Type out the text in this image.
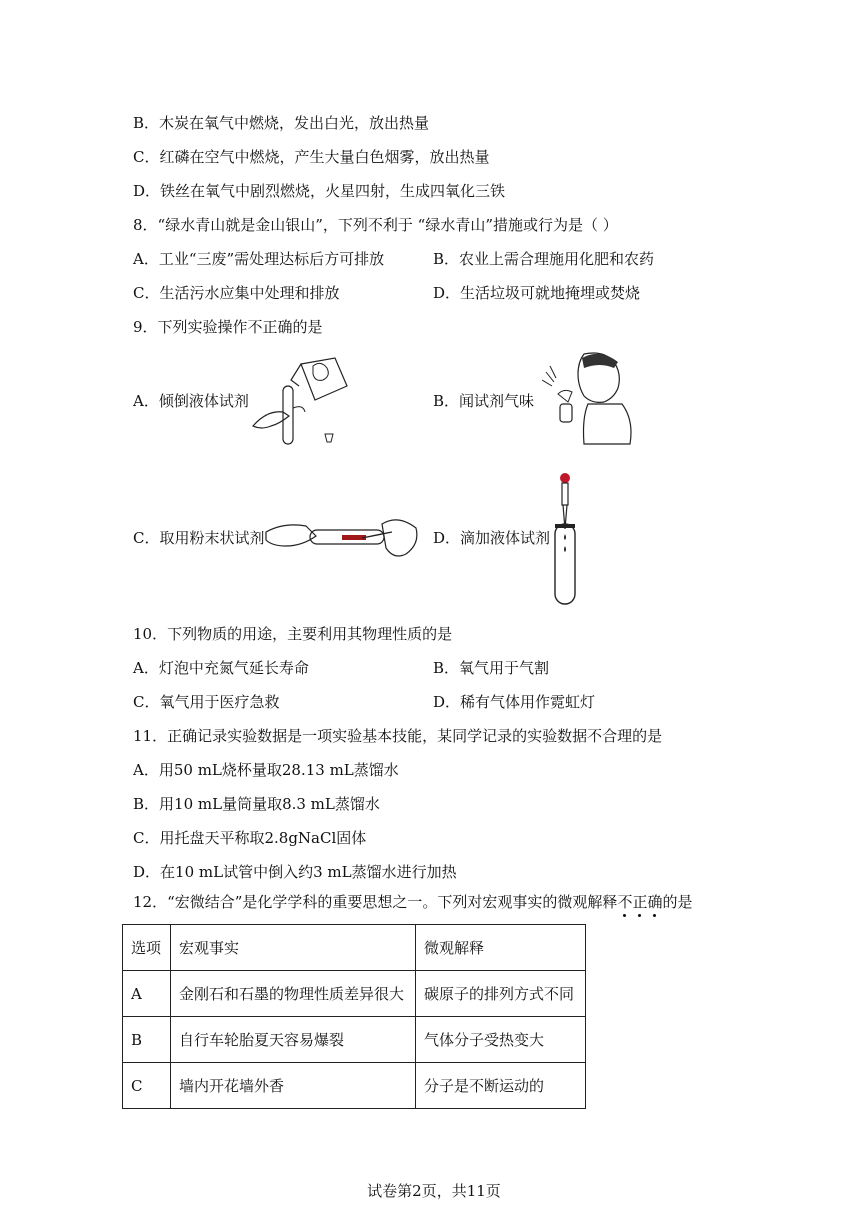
B．木炭在氧气中燃烧，发出白光，放出热量
C．红磷在空气中燃烧，产生大量白色烟雾，放出热量
D．铁丝在氧气中剧烈燃烧，火星四射，生成四氧化三铁
8．“绿水青山就是金山银山”，下列不利于 “绿水青山”措施或行为是（ ）
A．工业“三废”需处理达标后方可排放	B．农业上需合理施用化肥和农药
C．生活污水应集中处理和排放	D．生活垃圾可就地掩埋或焚烧
9．下列实验操作不正确的是
A．倾倒液体试剂	B．闻试剂气味
C．取用粉末状试剂	D．滴加液体试剂
10．下列物质的用途，主要利用其物理性质的是
A．灯泡中充氮气延长寿命	B．氧气用于气割
C．氧气用于医疗急救	D．稀有气体用作霓虹灯
11．正确记录实验数据是一项实验基本技能，某同学记录的实验数据不合理的是
A．用50 mL烧杯量取28.13 mL蒸馏水
B．用10 mL量筒量取8.3 mL蒸馏水
C．用托盘天平称取2.8gNaCl固体
D．在10 mL试管中倒入约3 mL蒸馏水进行加热
12．“宏微结合”是化学学科的重要思想之一。下列对宏观事实的微观解释不正确的是
选项	宏观事实	微观解释
A	金刚石和石墨的物理性质差异很大	碳原子的排列方式不同
B	自行车轮胎夏天容易爆裂	气体分子受热变大
C	墙内开花墙外香	分子是不断运动的
试卷第2页，共11页
